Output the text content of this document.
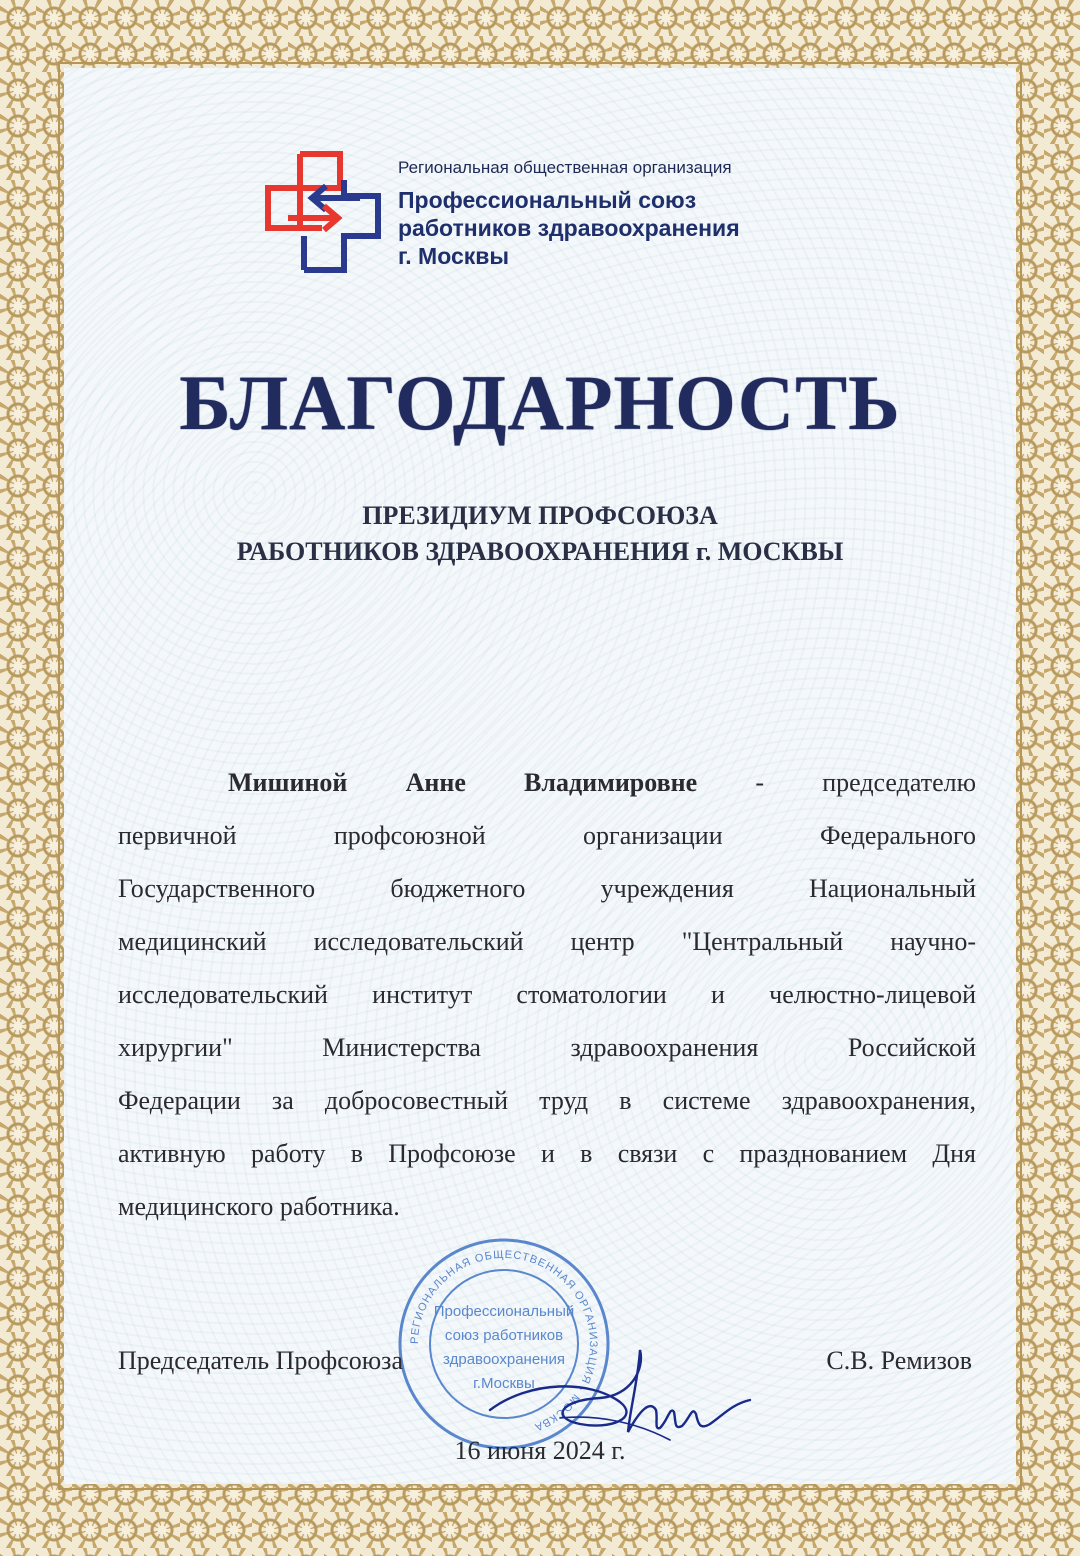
Региональная общественная организация
Профессиональный союз
работников здравоохранения
г. Москвы
БЛАГОДАРНОСТЬ
ПРЕЗИДИУМ ПРОФСОЮЗА
РАБОТНИКОВ ЗДРАВООХРАНЕНИЯ г. МОСКВЫ
Мишиной Анне Владимировне - председателю
первичной профсоюзной организации Федерального
Государственного бюджетного учреждения Национальный
медицинский исследовательский центр "Центральный научно-
исследовательский институт стоматологии и челюстно-лицевой
хирургии" Министерства здравоохранения Российской
Федерации за добросовестный труд в системе здравоохранения,
активную работу в Профсоюзе и в связи с празднованием Дня
медицинского работника.
РЕГИОНАЛЬНАЯ ОБЩЕСТВЕННАЯ ОРГАНИЗАЦИЯ · МОСКВА
Профессиональный
союз работников
здравоохранения
г.Москвы
Председатель Профсоюза	С.В. Ремизов
16 июня 2024 г.
